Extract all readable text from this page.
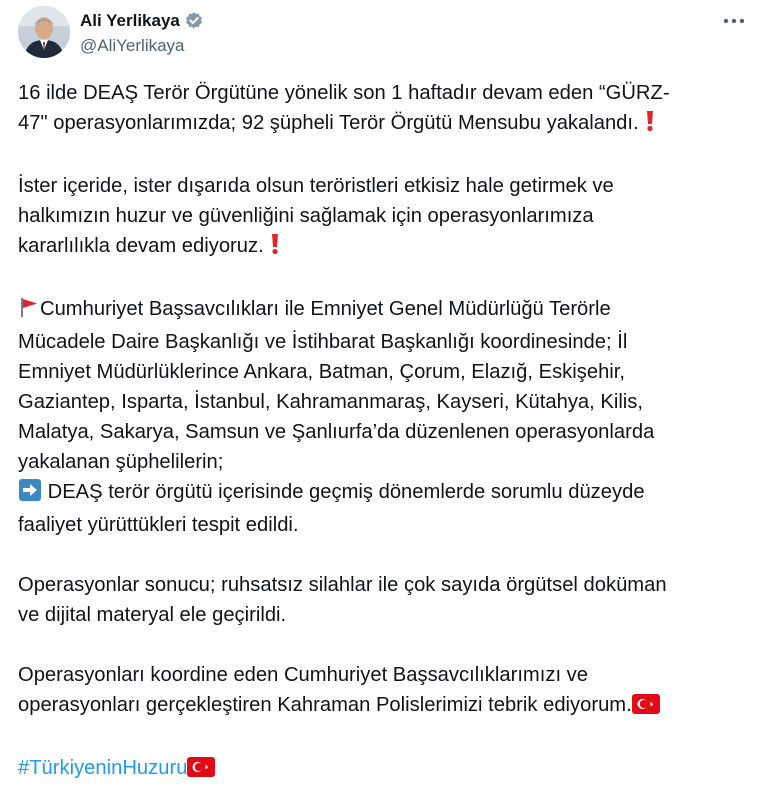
Ali Yerlikaya
@AliYerlikaya

16 ilde DEAŞ Terör Örgütüne yönelik son 1 haftadır devam eden “GÜRZ-
47" operasyonlarımızda; 92 şüpheli Terör Örgütü Mensubu yakalandı.

İster içeride, ister dışarıda olsun teröristleri etkisiz hale getirmek ve
halkımızın huzur ve güvenliğini sağlamak için operasyonlarımıza
kararlılıkla devam ediyoruz.

Cumhuriyet Başsavcılıkları ile Emniyet Genel Müdürlüğü Terörle
Mücadele Daire Başkanlığı ve İstihbarat Başkanlığı koordinesinde; İl
Emniyet Müdürlüklerince Ankara, Batman, Çorum, Elazığ, Eskişehir,
Gaziantep, Isparta, İstanbul, Kahramanmaraş, Kayseri, Kütahya, Kilis,
Malatya, Sakarya, Samsun ve Şanlıurfa’da düzenlenen operasyonlarda
yakalanan şüphelilerin;
DEAŞ terör örgütü içerisinde geçmiş dönemlerde sorumlu düzeyde
faaliyet yürüttükleri tespit edildi.

Operasyonlar sonucu; ruhsatsız silahlar ile çok sayıda örgütsel doküman
ve dijital materyal ele geçirildi.

Operasyonları koordine eden Cumhuriyet Başsavcılıklarımızı ve
operasyonları gerçekleştiren Kahraman Polislerimizi tebrik ediyorum.

#TürkiyeninHuzuru
